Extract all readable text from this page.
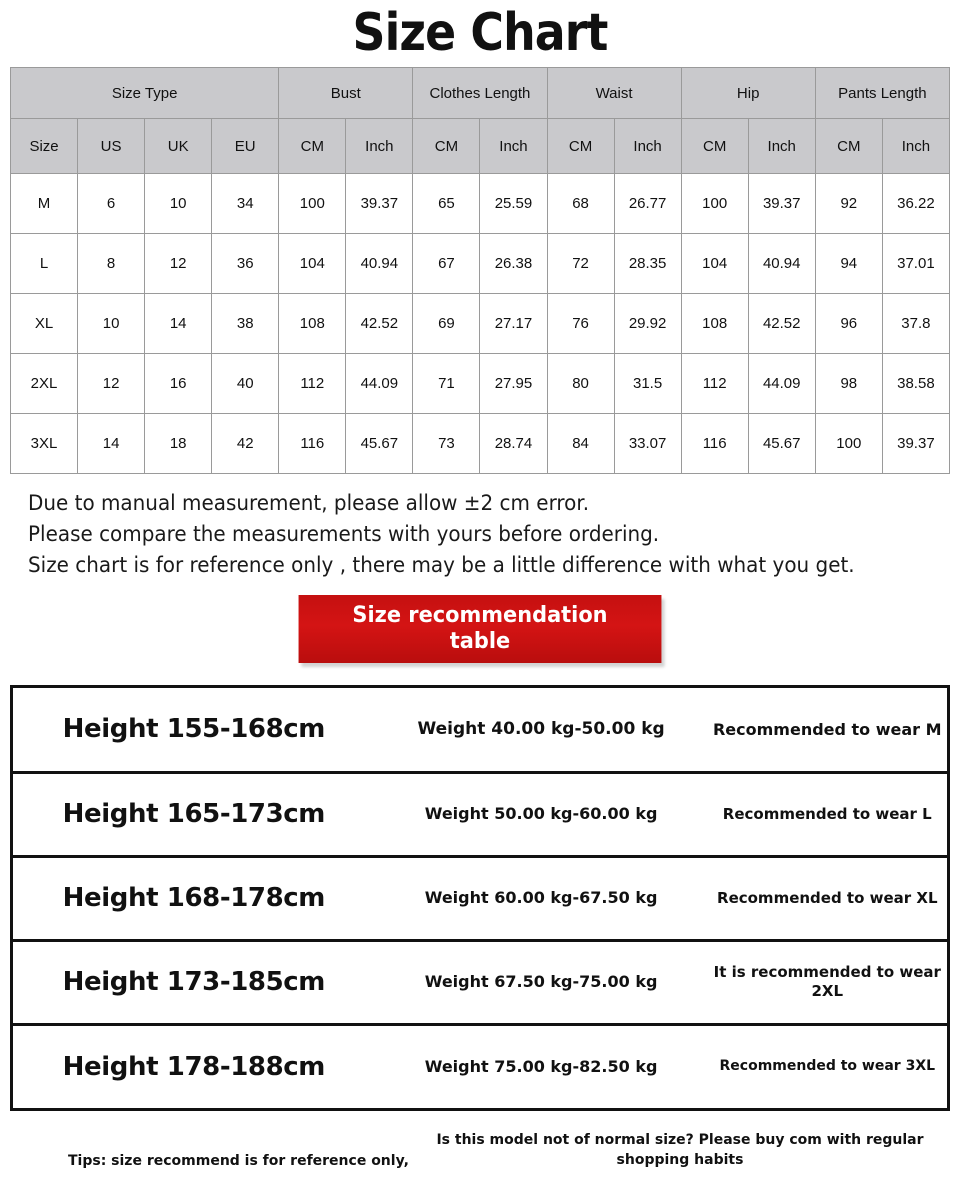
Size Chart
Size Type				Bust		Clothes Length		Waist		Hip		Pants Length	
Size	US	UK	EU	CM	Inch	CM	Inch	CM	Inch	CM	Inch	CM	Inch
M	6	10	34	100	39.37	65	25.59	68	26.77	100	39.37	92	36.22
L	8	12	36	104	40.94	67	26.38	72	28.35	104	40.94	94	37.01
XL	10	14	38	108	42.52	69	27.17	76	29.92	108	42.52	96	37.8
2XL	12	16	40	112	44.09	71	27.95	80	31.5	112	44.09	98	38.58
3XL	14	18	42	116	45.67	73	28.74	84	33.07	116	45.67	100	39.37
Due to manual measurement, please allow ±2 cm error.
Please compare the measurements with yours before ordering.
Size chart is for reference only , there may be a little difference with what you get.
Size recommendation
table
Height 155-168cm	Weight 40.00 kg-50.00 kg	Recommended to wear M
Height 165-173cm	Weight 50.00 kg-60.00 kg	Recommended to wear L
Height 168-178cm	Weight 60.00 kg-67.50 kg	Recommended to wear XL
Height 173-185cm	Weight 67.50 kg-75.00 kg	It is recommended to wear 2XL
Height 178-188cm	Weight 75.00 kg-82.50 kg	Recommended to wear 3XL
Tips: size recommend is for reference only,
Is this model not of normal size? Please buy com with regular shopping habits
